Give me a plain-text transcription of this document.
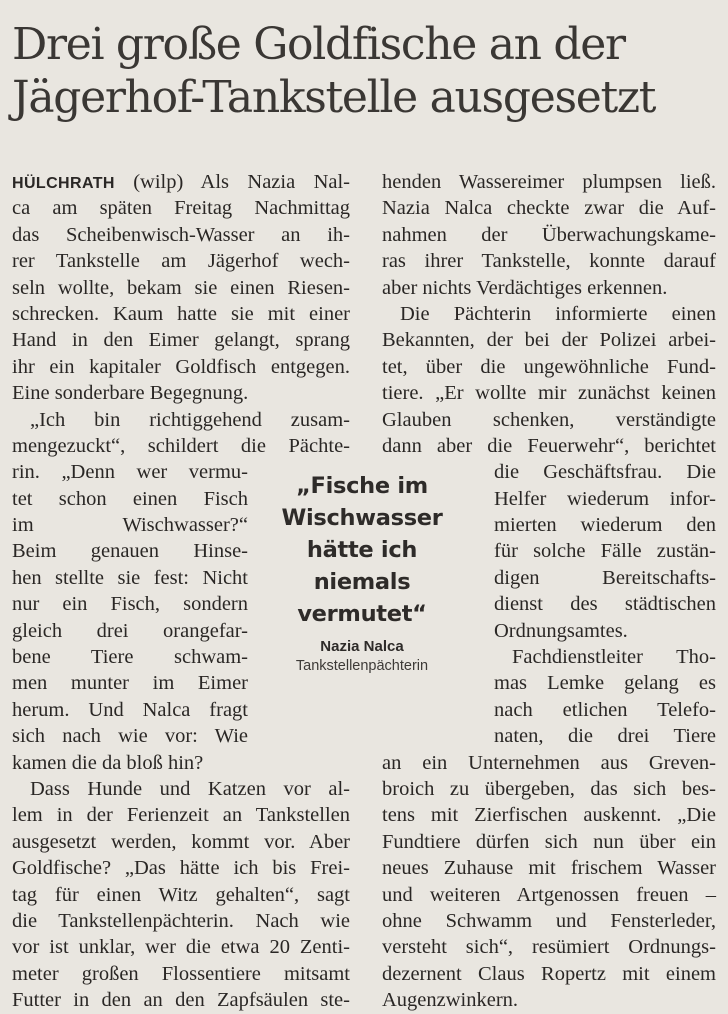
Drei große Goldfische an der
Jägerhof-Tankstelle ausgesetzt
HÜLCHRATH (wilp) Als Nazia Nal-
ca am späten Freitag Nachmittag
das Scheibenwisch-Wasser an ih-
rer Tankstelle am Jägerhof wech-
seln wollte, bekam sie einen Riesen-
schrecken. Kaum hatte sie mit einer
Hand in den Eimer gelangt, sprang
ihr ein kapitaler Goldfisch entgegen.
Eine sonderbare Begegnung.
„Ich bin richtiggehend zusam-
mengezuckt“, schildert die Pächte-
rin. „Denn wer vermu-
tet schon einen Fisch
im Wischwasser?“
Beim genauen Hinse-
hen stellte sie fest: Nicht
nur ein Fisch, sondern
gleich drei orangefar-
bene Tiere schwam-
men munter im Eimer
herum. Und Nalca fragt
sich nach wie vor: Wie
kamen die da bloß hin?
Dass Hunde und Katzen vor al-
lem in der Ferienzeit an Tankstellen
ausgesetzt werden, kommt vor. Aber
Goldfische? „Das hätte ich bis Frei-
tag für einen Witz gehalten“, sagt
die Tankstellenpächterin. Nach wie
vor ist unklar, wer die etwa 20 Zenti-
meter großen Flossentiere mitsamt
Futter in den an den Zapfsäulen ste-
henden Wassereimer plumpsen ließ.
Nazia Nalca checkte zwar die Auf-
nahmen der Überwachungskame-
ras ihrer Tankstelle, konnte darauf
aber nichts Verdächtiges erkennen.
Die Pächterin informierte einen
Bekannten, der bei der Polizei arbei-
tet, über die ungewöhnliche Fund-
tiere. „Er wollte mir zunächst keinen
Glauben schenken, verständigte
dann aber die Feuerwehr“, berichtet
die Geschäftsfrau. Die
Helfer wiederum infor-
mierten wiederum den
für solche Fälle zustän-
digen Bereitschafts-
dienst des städtischen
Ordnungsamtes.
Fachdienstleiter Tho-
mas Lemke gelang es
nach etlichen Telefo-
naten, die drei Tiere
an ein Unternehmen aus Greven-
broich zu übergeben, das sich bes-
tens mit Zierfischen auskennt. „Die
Fundtiere dürfen sich nun über ein
neues Zuhause mit frischem Wasser
und weiteren Artgenossen freuen –
ohne Schwamm und Fensterleder,
versteht sich“, resümiert Ordnungs-
dezernent Claus Ropertz mit einem
Augenzwinkern.
„Fische im
Wischwasser
hätte ich
niemals
vermutet“
Nazia Nalca
Tankstellenpächterin
